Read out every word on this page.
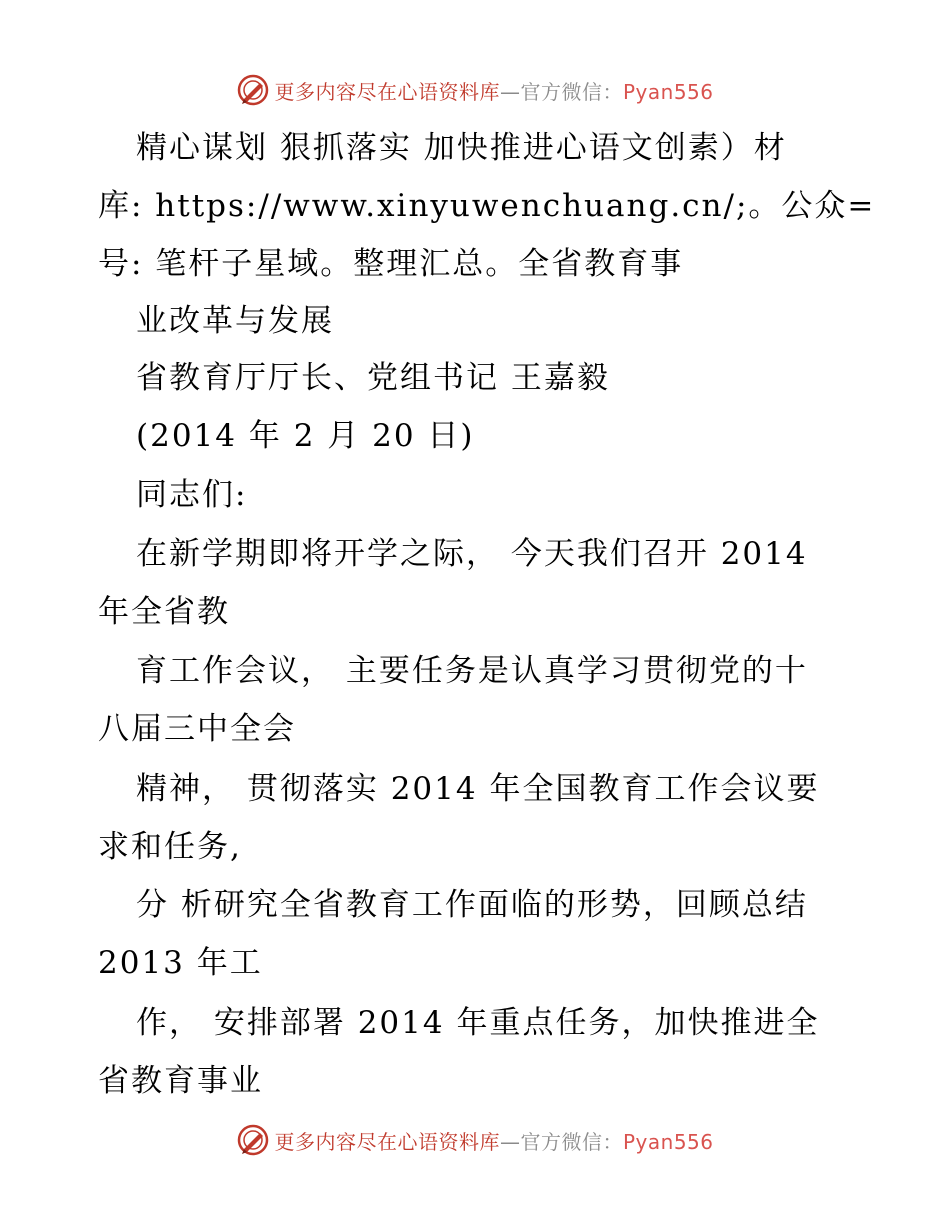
更多内容尽在心语资料库—官方微信：Pyan556
精心谋划 狠抓落实 加快推进心语文创素）材
库: https://www.xinyuwenchuang.cn/;。公众=
号: 笔杆子星域。整理汇总。全省教育事
业改革与发展
省教育厅厅长、党组书记 王嘉毅
(2014 年 2 月 20 日)
同志们:
在新学期即将开学之际， 今天我们召开 2014
年全省教
育工作会议， 主要任务是认真学习贯彻党的十
八届三中全会
精神， 贯彻落实 2014 年全国教育工作会议要
求和任务,
分 析研究全省教育工作面临的形势，回顾总结
2013 年工
作， 安排部署 2014 年重点任务，加快推进全
省教育事业
更多内容尽在心语资料库—官方微信：Pyan556
